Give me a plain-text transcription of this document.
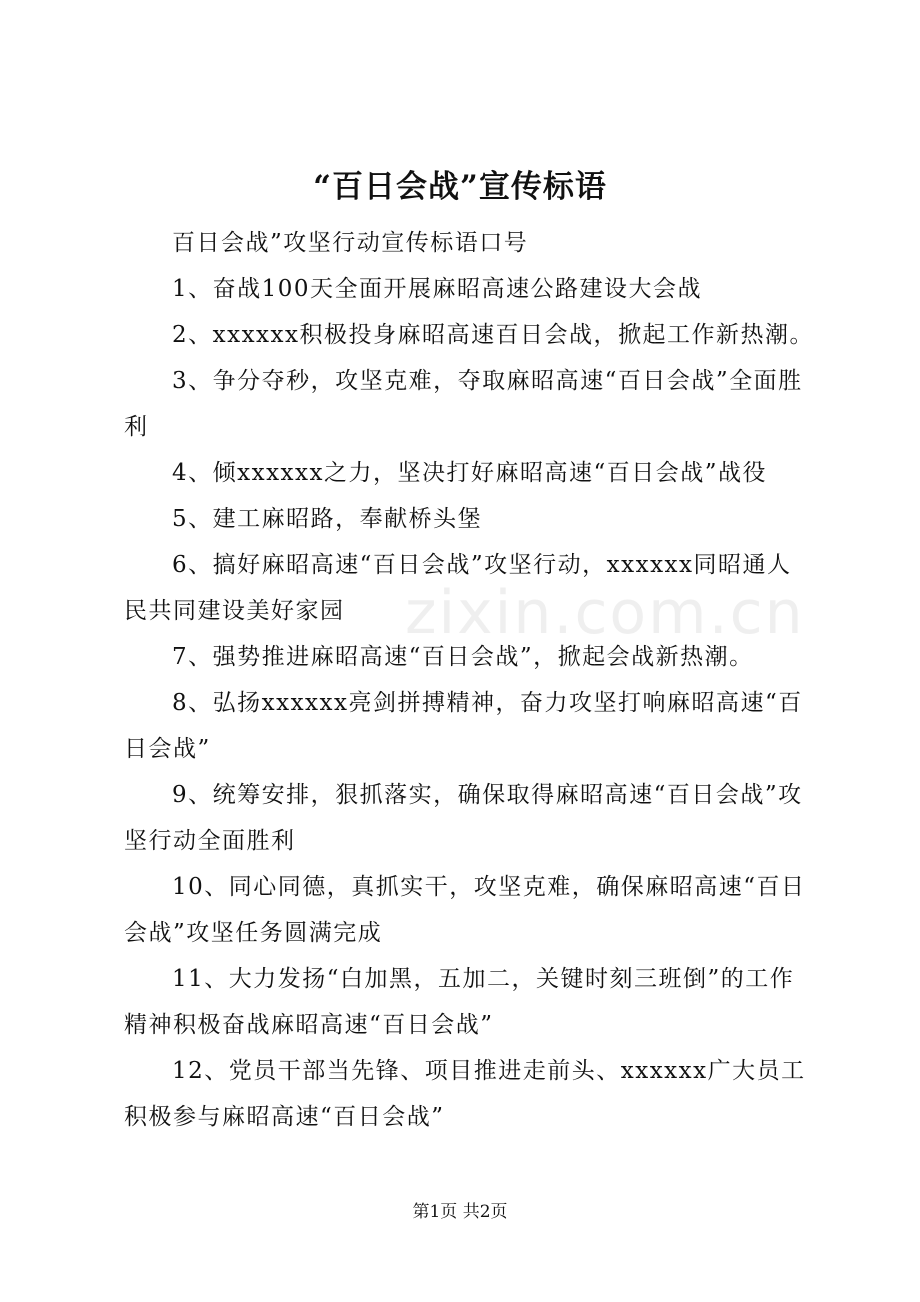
“百日会战”宣传标语

百日会战”攻坚行动宣传标语口号

1、奋战100天全面开展麻昭高速公路建设大会战

2、xxxxxx积极投身麻昭高速百日会战，掀起工作新热潮。

3、争分夺秒，攻坚克难，夺取麻昭高速“百日会战”全面胜利

4、倾xxxxxx之力，坚决打好麻昭高速“百日会战”战役

5、建工麻昭路，奉献桥头堡

6、搞好麻昭高速“百日会战”攻坚行动，xxxxxx同昭通人民共同建设美好家园

7、强势推进麻昭高速“百日会战”，掀起会战新热潮。

8、弘扬xxxxxx亮剑拼搏精神，奋力攻坚打响麻昭高速“百日会战”

9、统筹安排，狠抓落实，确保取得麻昭高速“百日会战”攻坚行动全面胜利

10、同心同德，真抓实干，攻坚克难，确保麻昭高速“百日会战”攻坚任务圆满完成

11、大力发扬“白加黑，五加二，关键时刻三班倒”的工作精神积极奋战麻昭高速“百日会战”

12、党员干部当先锋、项目推进走前头、xxxxxx广大员工积极参与麻昭高速“百日会战”

zixin.com.cn
第1页 共2页
